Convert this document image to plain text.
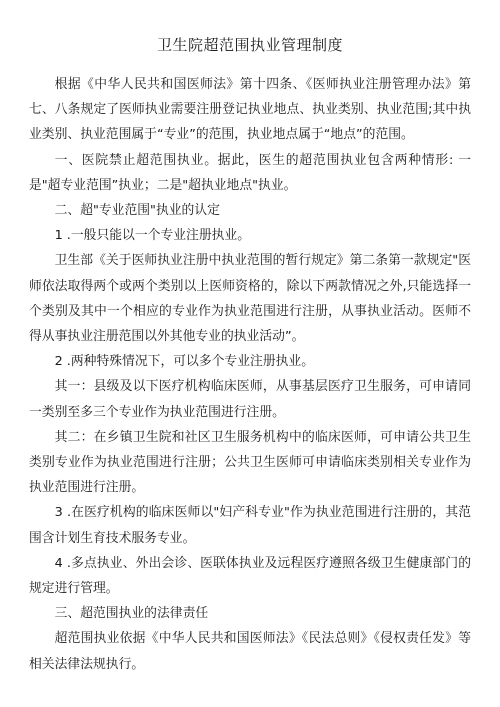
卫生院超范围执业管理制度

根据《中华人民共和国医师法》第十四条、《医师执业注册管理办法》第七、八条规定了医师执业需要注册登记执业地点、执业类别、执业范围;其中执业类别、执业范围属于“专业”的范围，执业地点属于“地点”的范围。

一、医院禁止超范围执业。据此，医生的超范围执业包含两种情形: 一是"超专业范围”执业；二是"超执业地点"执业。

二、超"专业范围"执业的认定

1 .一般只能以一个专业注册执业。

卫生部《关于医师执业注册中执业范围的暂行规定》第二条第一款规定"医师依法取得两个或两个类别以上医师资格的，除以下两款情况之外,只能选择一个类别及其中一个相应的专业作为执业范围进行注册，从事执业活动。医师不得从事执业注册范围以外其他专业的执业活动”。

2 .两种特殊情况下，可以多个专业注册执业。

其一：县级及以下医疗机构临床医师，从事基层医疗卫生服务，可申请同一类别至多三个专业作为执业范围进行注册。

其二：在乡镇卫生院和社区卫生服务机构中的临床医师，可申请公共卫生类别专业作为执业范围进行注册；公共卫生医师可申请临床类别相关专业作为执业范围进行注册。

3 .在医疗机构的临床医师以"妇产科专业"作为执业范围进行注册的，其范围含计划生育技术服务专业。

4 .多点执业、外出会诊、医联体执业及远程医疗遵照各级卫生健康部门的规定进行管理。

三、超范围执业的法律责任

超范围执业依据《中华人民共和国医师法》《民法总则》《侵权责任发》等相关法律法规执行。
